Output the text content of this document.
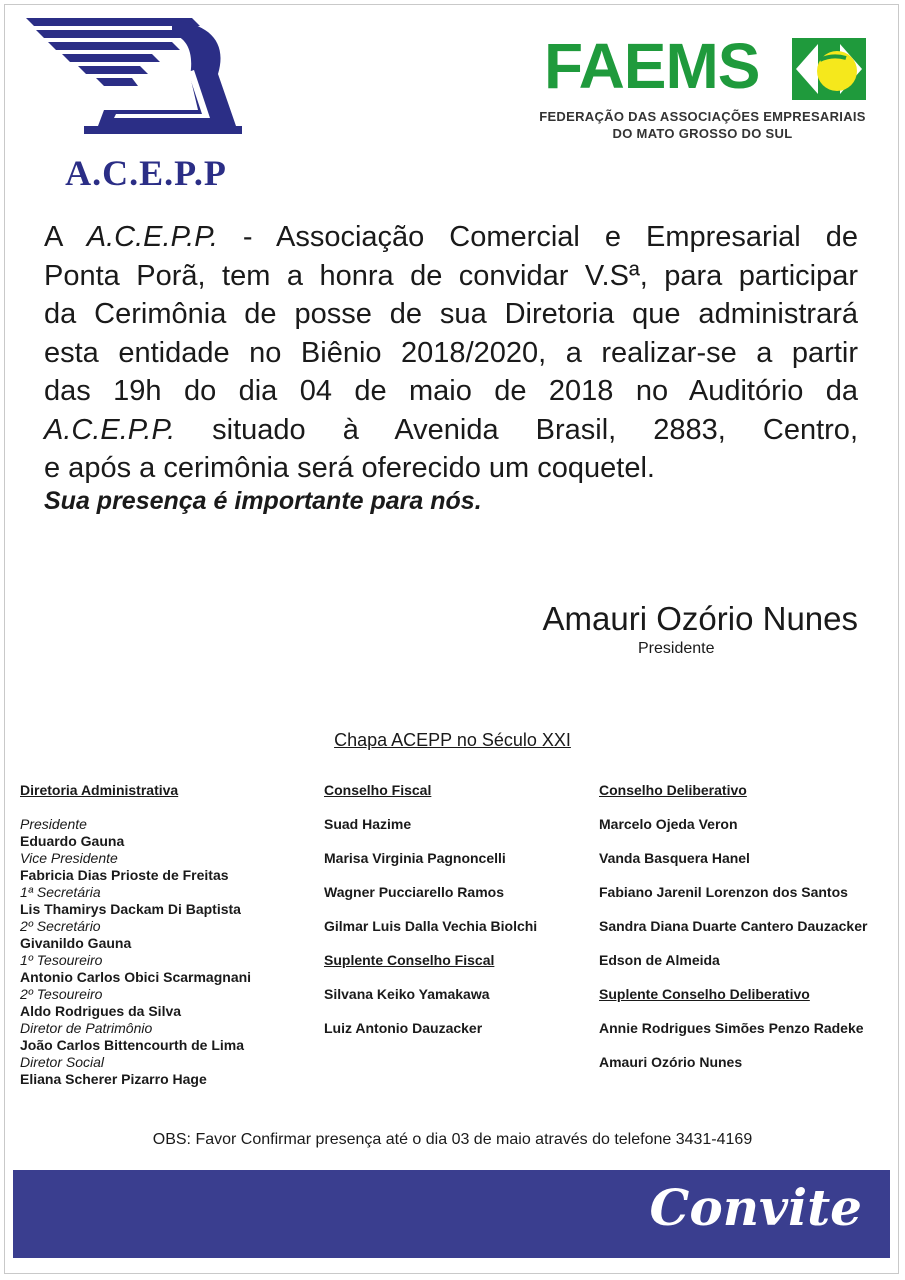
A.C.E.P.P
FAEMS
FEDERAÇÃO DAS ASSOCIAÇÕES EMPRESARIAIS
DO MATO GROSSO DO SUL
A A.C.E.P.P. - Associação Comercial e Empresarial de
Ponta Porã, tem a honra de convidar V.Sª, para participar
da Cerimônia de posse de sua Diretoria que administrará
esta entidade no Biênio 2018/2020, a realizar-se a partir
das 19h do dia 04 de maio de 2018 no Auditório da
A.C.E.P.P. situado à Avenida Brasil, 2883, Centro,
e após a cerimônia será oferecido um coquetel.
Sua presença é importante para nós.
Amauri Ozório Nunes
Presidente
Chapa ACEPP no Século XXI
Diretoria Administrativa
Presidente
Eduardo Gauna
Vice Presidente
Fabricia Dias Prioste de Freitas
1ª Secretária
Lis Thamirys Dackam Di Baptista
2º Secretário
Givanildo Gauna
1º Tesoureiro
Antonio Carlos Obici Scarmagnani
2º Tesoureiro
Aldo Rodrigues da Silva
Diretor de Patrimônio
João Carlos Bittencourth de Lima
Diretor Social
Eliana Scherer Pizarro Hage
Conselho Fiscal
Suad Hazime
Marisa Virginia Pagnoncelli
Wagner Pucciarello Ramos
Gilmar Luis Dalla Vechia Biolchi
Suplente Conselho Fiscal
Silvana Keiko Yamakawa
Luiz Antonio Dauzacker
Conselho Deliberativo
Marcelo Ojeda Veron
Vanda Basquera Hanel
Fabiano Jarenil Lorenzon dos Santos
Sandra Diana Duarte Cantero Dauzacker
Edson de Almeida
Suplente Conselho Deliberativo
Annie Rodrigues Simões Penzo Radeke
Amauri Ozório Nunes
OBS: Favor Confirmar presença até o dia 03 de maio através do telefone 3431-4169
Convite
